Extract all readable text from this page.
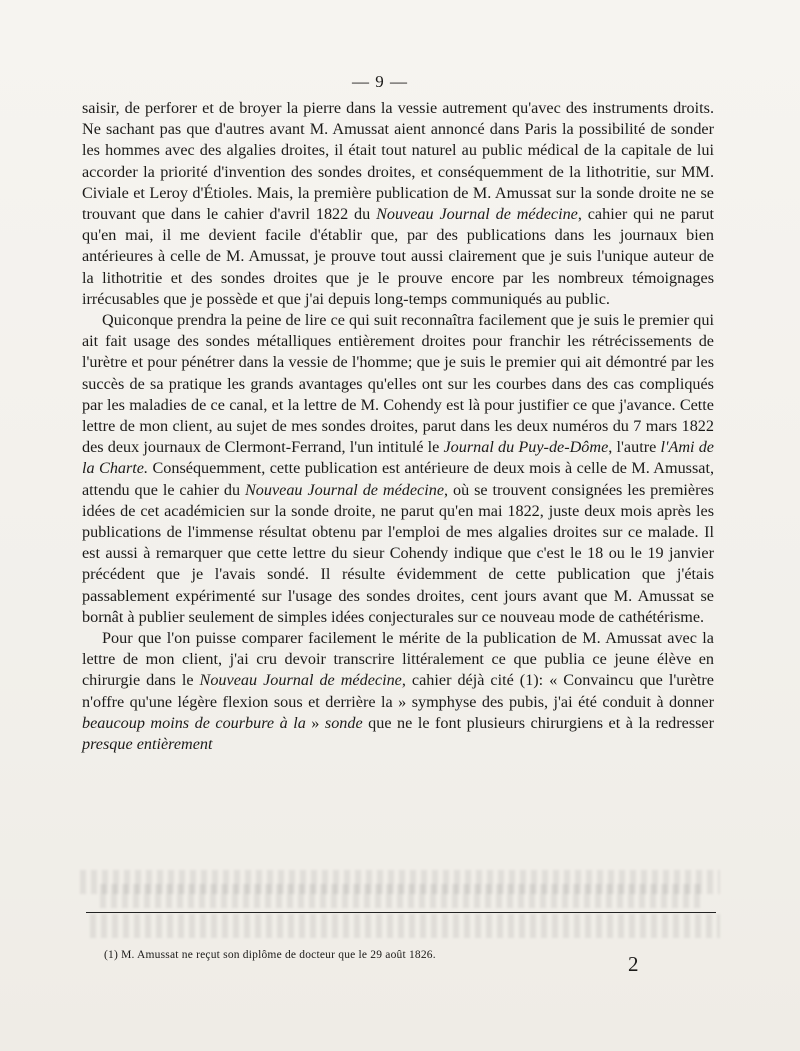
— 9 —

saisir, de perforer et de broyer la pierre dans la vessie autrement qu'avec des instruments droits. Ne sachant pas que d'autres avant M. Amussat aient annoncé dans Paris la possibilité de sonder les hommes avec des algalies droites, il était tout naturel au public médical de la capitale de lui accorder la priorité d'invention des sondes droites, et conséquemment de la lithotritie, sur MM. Civiale et Leroy d'Étioles. Mais, la première publication de M. Amussat sur la sonde droite ne se trouvant que dans le cahier d'avril 1822 du Nouveau Journal de médecine, cahier qui ne parut qu'en mai, il me devient facile d'établir que, par des publications dans les journaux bien antérieures à celle de M. Amussat, je prouve tout aussi clairement que je suis l'unique auteur de la lithotritie et des sondes droites que je le prouve encore par les nombreux témoignages irrécusables que je possède et que j'ai depuis long-temps communiqués au public.

Quiconque prendra la peine de lire ce qui suit reconnaîtra facilement que je suis le premier qui ait fait usage des sondes métalliques entièrement droites pour franchir les rétrécissements de l'urètre et pour pénétrer dans la vessie de l'homme; que je suis le premier qui ait démontré par les succès de sa pratique les grands avantages qu'elles ont sur les courbes dans des cas compliqués par les maladies de ce canal, et la lettre de M. Cohendy est là pour justifier ce que j'avance. Cette lettre de mon client, au sujet de mes sondes droites, parut dans les deux numéros du 7 mars 1822 des deux journaux de Clermont-Ferrand, l'un intitulé le Journal du Puy-de-Dôme, l'autre l'Ami de la Charte. Conséquemment, cette publication est antérieure de deux mois à celle de M. Amussat, attendu que le cahier du Nouveau Journal de médecine, où se trouvent consignées les premières idées de cet académicien sur la sonde droite, ne parut qu'en mai 1822, juste deux mois après les publications de l'immense résultat obtenu par l'emploi de mes algalies droites sur ce malade. Il est aussi à remarquer que cette lettre du sieur Cohendy indique que c'est le 18 ou le 19 janvier précédent que je l'avais sondé. Il résulte évidemment de cette publication que j'étais passablement expérimenté sur l'usage des sondes droites, cent jours avant que M. Amussat se bornât à publier seulement de simples idées conjecturales sur ce nouveau mode de cathétérisme.

Pour que l'on puisse comparer facilement le mérite de la publication de M. Amussat avec la lettre de mon client, j'ai cru devoir transcrire littéralement ce que publia ce jeune élève en chirurgie dans le Nouveau Journal de médecine, cahier déjà cité (1): « Convaincu que l'urètre n'offre qu'une légère flexion sous et derrière la » symphyse des pubis, j'ai été conduit à donner beaucoup moins de courbure à la » sonde que ne le font plusieurs chirurgiens et à la redresser presque entièrement

(1) M. Amussat ne reçut son diplôme de docteur que le 29 août 1826.	2
